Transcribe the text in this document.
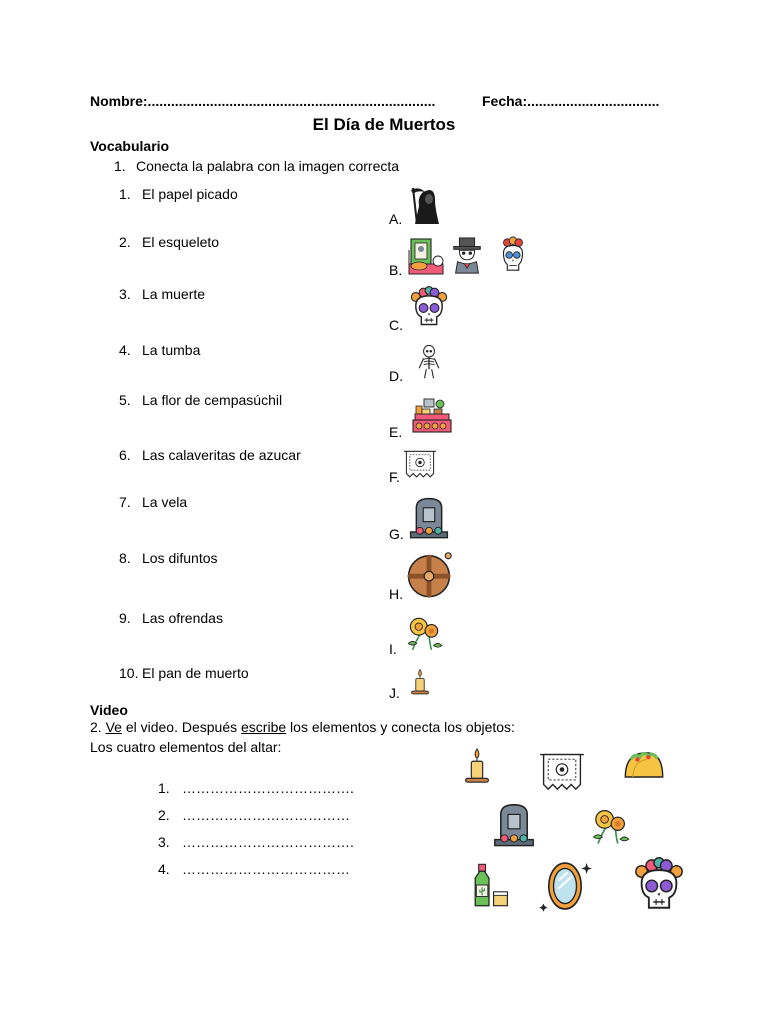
Nombre:..........................................................................	Fecha:..................................
El Día de Muertos
Vocabulario
1. Conecta la palabra con la imagen correcta
1. El papel picado
2. El esqueleto
3. La muerte
4. La tumba
5. La flor de cempasúchil
6. Las calaveritas de azucar
7. La vela
8. Los difuntos
9. Las ofrendas
10. El pan de muerto
A.
B.
C.
D.
E.
F.
G.
H.
I.
J.
Video
2. Ve el video. Después escribe los elementos y conecta los objetos:
Los cuatro elementos del altar:
1. ……………………………….
2. ………………………………
3. ……………………………….
4. ………………………………
